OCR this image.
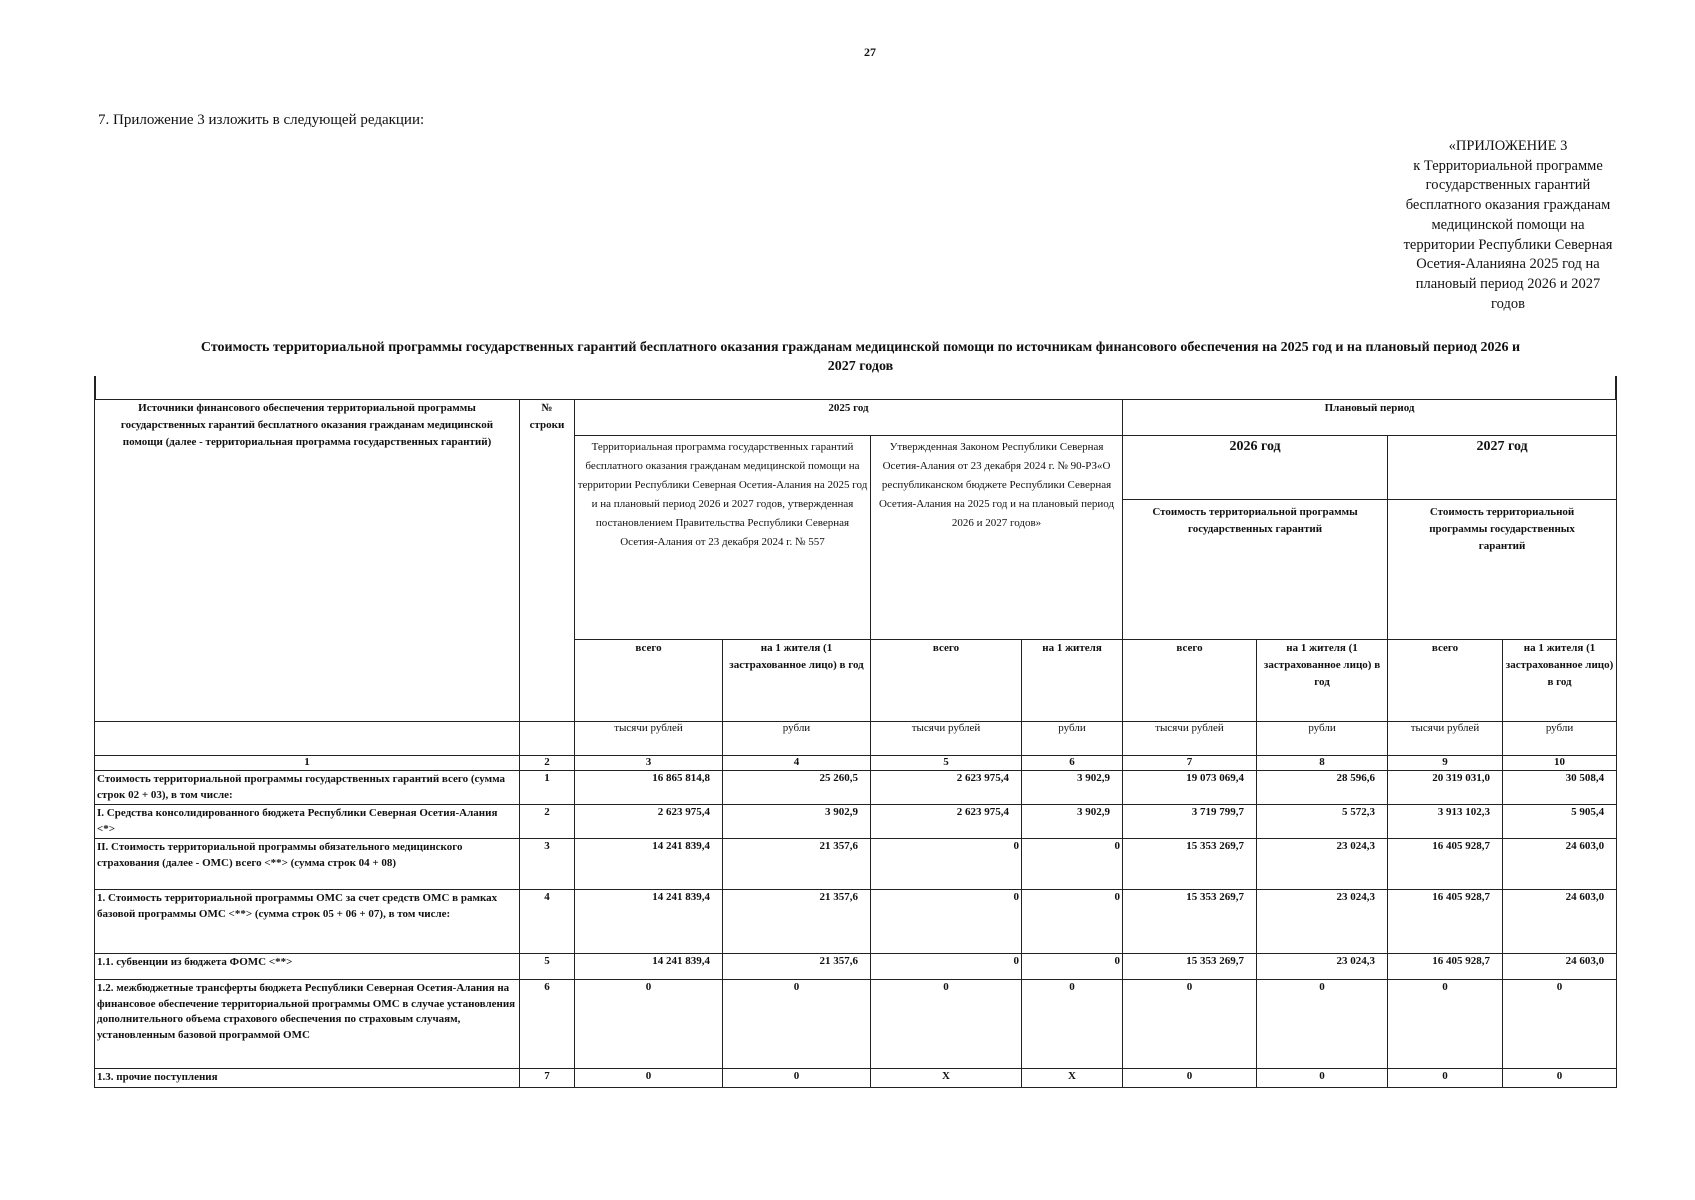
27
7. Приложение 3 изложить в следующей редакции:
«ПРИЛОЖЕНИЕ 3
к Территориальной программе
государственных гарантий
бесплатного оказания гражданам
медицинской помощи на
территории Республики Северная
Осетия-Аланияна 2025 год на
плановый период 2026 и 2027
годов
Стоимость территориальной программы государственных гарантий бесплатного оказания гражданам медицинской помощи по источникам финансового обеспечения на 2025 год и на плановый период 2026 и
2027 годов
Источники финансового обеспечения территориальной программы государственных гарантий бесплатного оказания гражданам медицинской помощи (далее - территориальная программа государственных гарантий)	№
строки	2025 год				Плановый период			
		Территориальная программа государственных гарантий бесплатного оказания гражданам медицинской помощи на территории Республики Северная Осетия-Алания на 2025 год и на плановый период 2026 и 2027 годов, утвержденная постановлением Правительства Республики Северная Осетия-Алания от 23 декабря 2024 г. № 557		Утвержденная Законом Республики Северная Осетия-Алания от 23 декабря 2024 г. № 90-РЗ«О республиканском бюджете Республики Северная Осетия-Алания на 2025 год и на плановый период 2026 и 2027 годов»		2026 год		2027 год	
						Стоимость территориальной программы государственных гарантий		Стоимость территориальной программы государственных гарантий	
		всего	на 1 жителя (1 застрахованное лицо) в год	всего	на 1 жителя	всего	на 1 жителя (1 застрахованное лицо) в год	всего	на 1 жителя (1 застрахованное лицо) в год
		тысячи рублей	рубли	тысячи рублей	рубли	тысячи рублей	рубли	тысячи рублей	рубли
1	2	3	4	5	6	7	8	9	10
Стоимость территориальной программы государственных гарантий всего (сумма строк 02 + 03), в том числе:	1	16 865 814,8	25 260,5	2 623 975,4	3 902,9	19 073 069,4	28 596,6	20 319 031,0	30 508,4
I. Средства консолидированного бюджета Республики Северная Осетия-Алания <*>	2	2 623 975,4	3 902,9	2 623 975,4	3 902,9	3 719 799,7	5 572,3	3 913 102,3	5 905,4
II. Стоимость территориальной программы обязательного медицинского страхования (далее - ОМС) всего <**> (сумма строк 04 + 08)	3	14 241 839,4	21 357,6	0	0	15 353 269,7	23 024,3	16 405 928,7	24 603,0
1. Стоимость территориальной программы ОМС за счет средств ОМС в рамках базовой программы ОМС <**> (сумма строк 05 + 06 + 07), в том числе:	4	14 241 839,4	21 357,6	0	0	15 353 269,7	23 024,3	16 405 928,7	24 603,0
1.1. субвенции из бюджета ФОМС <**>	5	14 241 839,4	21 357,6	0	0	15 353 269,7	23 024,3	16 405 928,7	24 603,0
1.2. межбюджетные трансферты бюджета Республики Северная Осетия-Алания на финансовое обеспечение территориальной программы ОМС в случае установления дополнительного объема страхового обеспечения по страховым случаям, установленным базовой программой ОМС	6	0	0	0	0	0	0	0	0
1.3. прочие поступления	7	0	0	X	X	0	0	0	0
